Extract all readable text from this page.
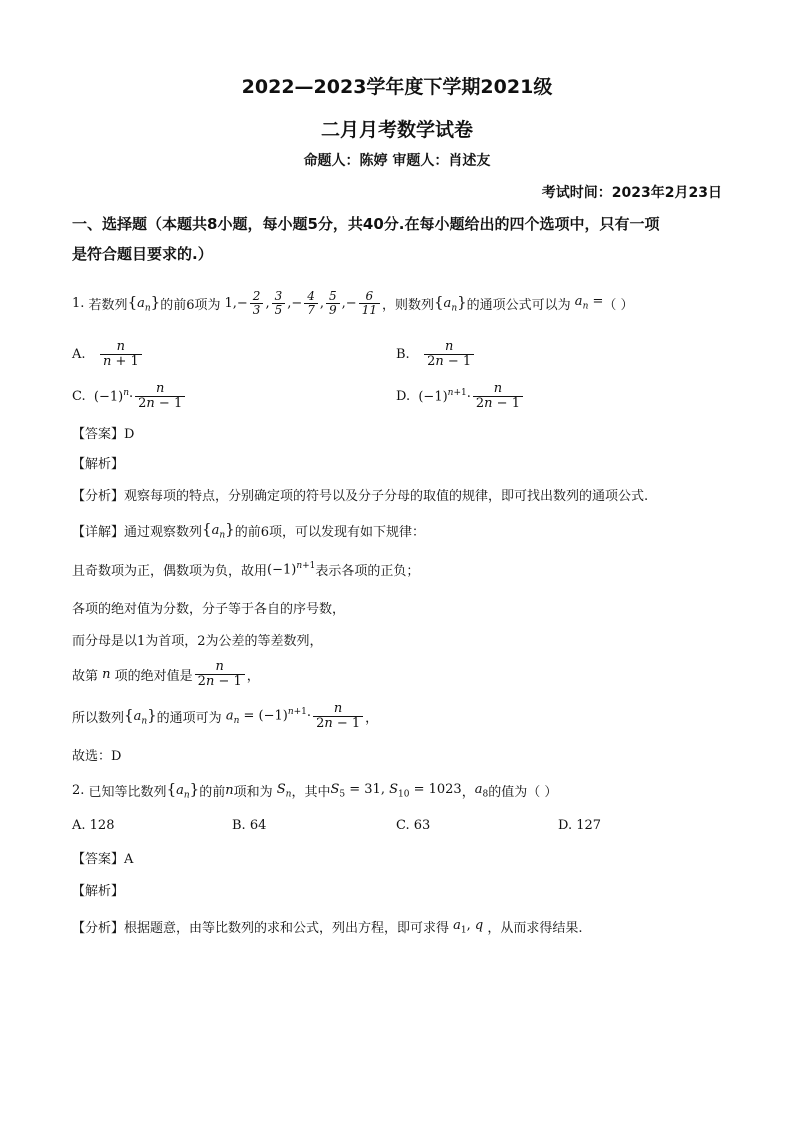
2022—2023学年度下学期2021级
二月月考数学试卷
命题人：陈婷 审题人：肖述友
考试时间：2023年2月23日
一、选择题（本题共8小题，每小题5分，共40分.在每小题给出的四个选项中，只有一项
是符合题目要求的.）
1.
若数列 $\{a_n\}$ 的前6项为 $1,- \frac{2}{3}$ , $\frac{3}{5}$ ,− $\frac{4}{7}$ , $\frac{5}{9}$ ,− $\frac{6}{11}$ ，则数列 $\{a_n\}$ 的通项公式可以为 $a_n$ = （ ）
A.
$\frac{n}{n + 1}$	B.
$\frac{n}{2n - 1}$
C.
$(-1)^n\cdot \frac{n}{2n - 1}$	D.
$(-1)^{n+1}\cdot \frac{n}{2n - 1}$
【答案】D
【解析】
【分析】观察每项的特点，分别确定项的符号以及分子分母的取值的规律，即可找出数列的通项公式.
【详解】 通过观察数列 $\{a_n\}$ 的前6项，可以发现有如下规律：
且奇数项为正，偶数项为负，故用 $(-1)^{n+1}$ 表示各项的正负；
各项的绝对值为分数，分子等于各自的序号数，
而分母是以1为首项，2为公差的等差数列，
故第 n 项的绝对值是 $\frac{n}{2n - 1}$ ，
所以数列 $\{a_n\}$ 的通项可为 $a_n = (-1)^{n+1}\cdot \frac{n}{2n - 1}$ ，
故选：D
2.
已知等比数列 $\{a_n\}$ 的前 n 项和为 $S_n$ ，其中 $S_5 = 31$, $S_{10} = 1023$ ， $a_8$ 的值为（ ）
A. 128	B. 64	C. 63	D. 127
【答案】A
【解析】
【分析】 根据题意，由等比数列的求和公式，列出方程，即可求得 $a_1$, q ，从而求得结果.
